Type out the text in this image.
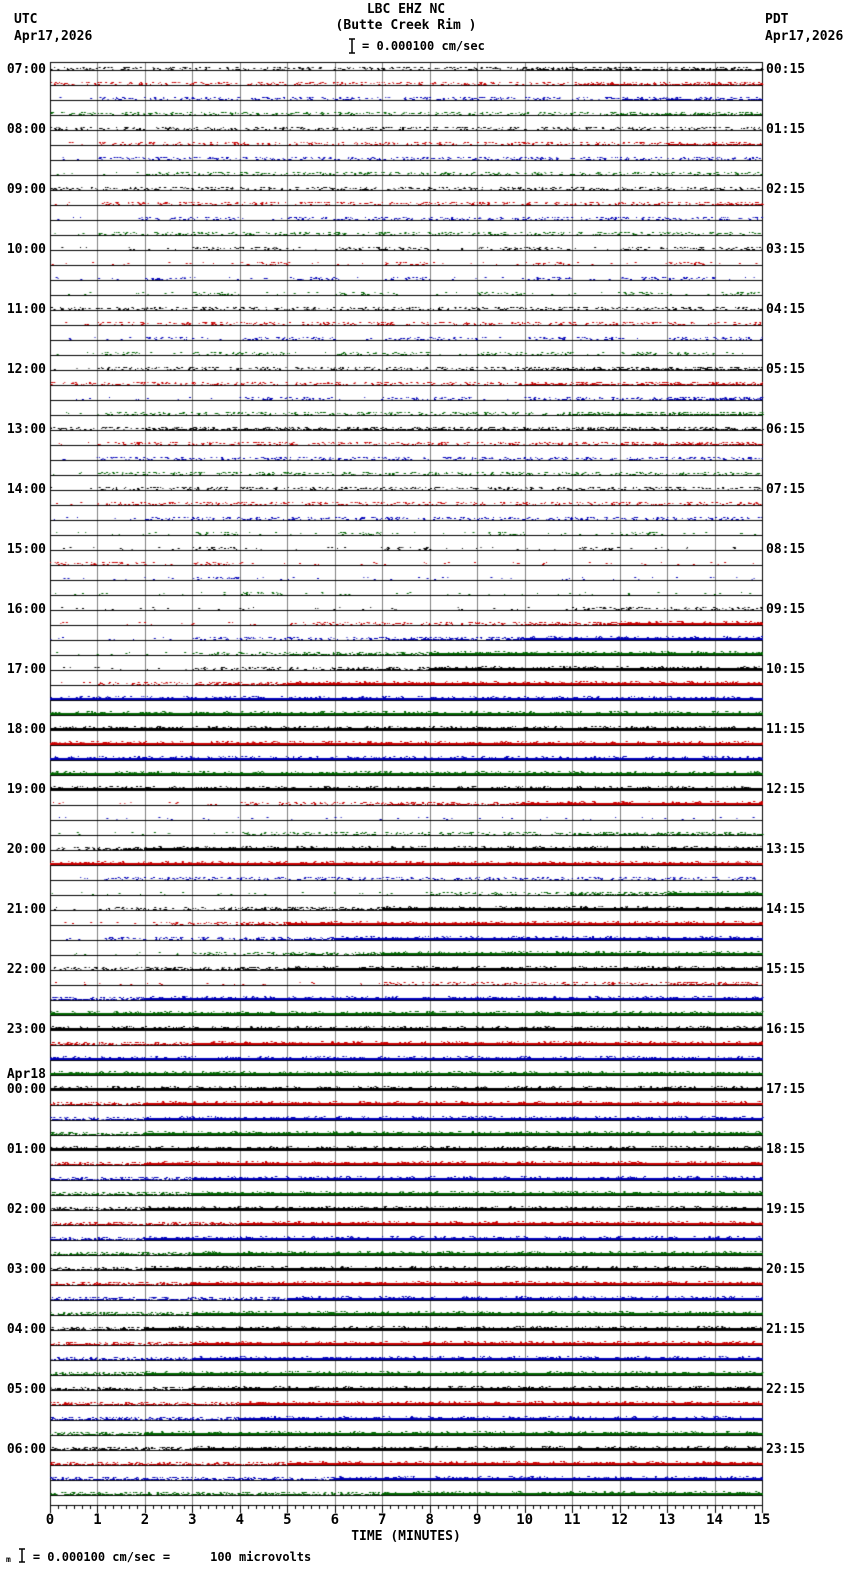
UTC
Apr17,2026
PDT
Apr17,2026
LBC EHZ NC
(Butte Creek Rim )
= 0.000100 cm/sec
TIME (MINUTES)
m = 0.000100 cm/sec =	100 microvolts
07:00	00:15
08:00	01:15
09:00	02:15
10:00	03:15
11:00	04:15
12:00	05:15
13:00	06:15
14:00	07:15
15:00	08:15
16:00	09:15
17:00	10:15
18:00	11:15
19:00	12:15
20:00	13:15
21:00	14:15
22:00	15:15
23:00	16:15
Apr18
00:00	17:15
01:00	18:15
02:00	19:15
03:00	20:15
04:00	21:15
05:00	22:15
06:00	23:15
0	1	2	3	4	5	6	7	8	9	10	11	12	13	14	15
